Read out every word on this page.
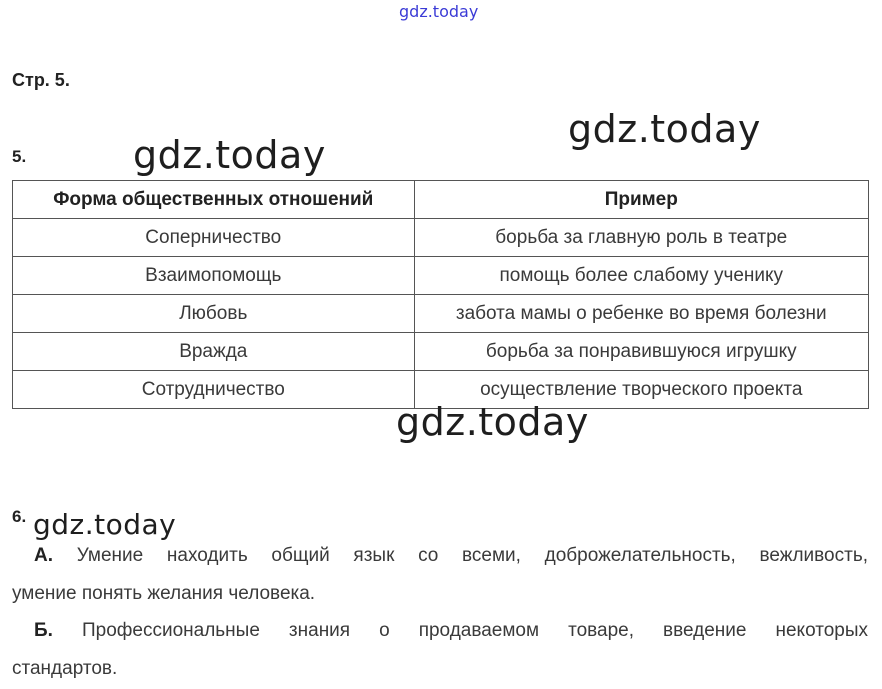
gdz.today
Стр. 5.
5.
Форма общественных отношений	Пример
Соперничество	борьба за главную роль в театре
Взаимопомощь	помощь более слабому ученику
Любовь	забота мамы о ребенке во время болезни
Вражда	борьба за понравившуюся игрушку
Сотрудничество	осуществление творческого проекта
6.
А. Умение находить общий язык со всеми, доброжелательность, вежливость,
умение понять желания человека.
Б. Профессиональные знания о продаваемом товаре, введение некоторых
стандартов.
gdz.today
gdz.today
gdz.today
gdz.today
